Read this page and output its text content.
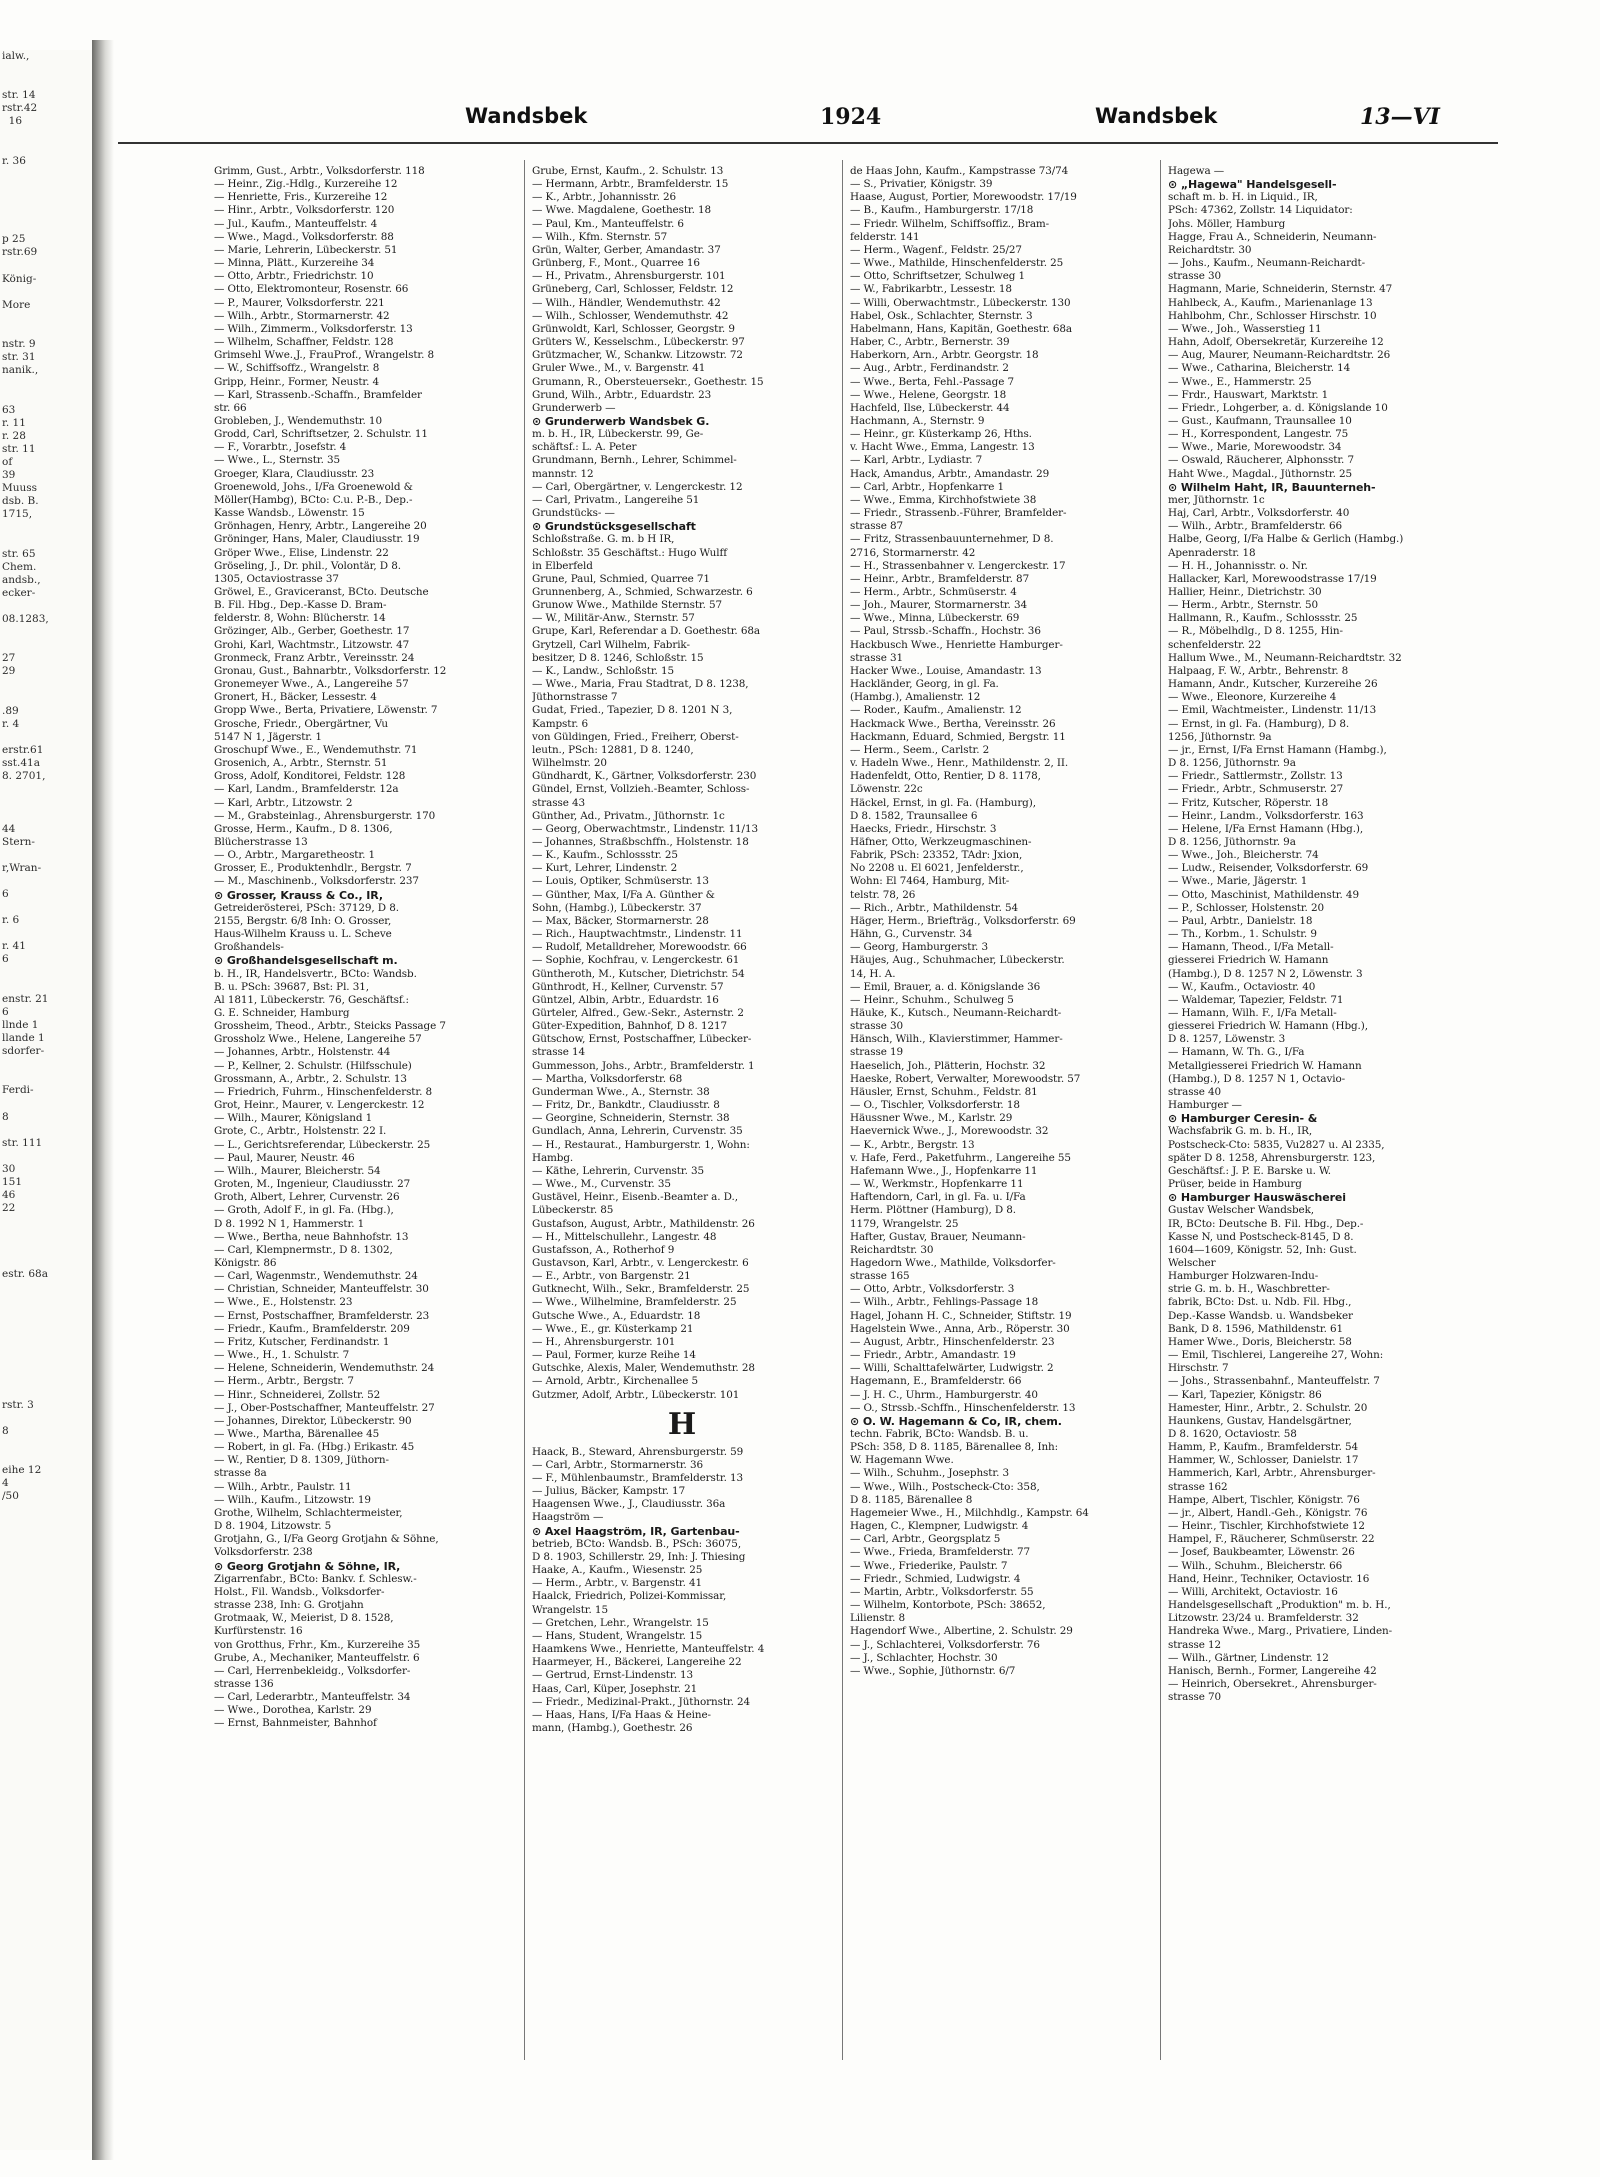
ialw.,

str. 14
rstr.42
16

r. 36

p 25
rstr.69

König-

More

nstr. 9
str. 31
nanik.,

63
r. 11
r. 28
str. 11
of
39
Muuss
dsb. B.
1715,

str. 65
Chem.
andsb.,
ecker-

08.1283,

27
29

.89
r. 4

erstr.61
sst.41a
8. 2701,

44
Stern-

r,Wran-

6

r. 6

r. 41
6

enstr. 21
6
llnde 1
llande 1
sdorfer-

Ferdi-

8

str. 111

30
151
46
22

estr. 68a

rstr. 3

8

eihe 12
4
/50
Wandsbek	1924	Wandsbek	13—VI
Grimm, Gust., Arbtr., Volksdorferstr. 118
— Heinr., Zig.-Hdlg., Kurzereihe 12
— Henriette, Fris., Kurzereihe 12
— Hinr., Arbtr., Volksdorferstr. 120
— Jul., Kaufm., Manteuffelstr. 4
— Wwe., Magd., Volksdorferstr. 88
— Marie, Lehrerin, Lübeckerstr. 51
— Minna, Plätt., Kurzereihe 34
— Otto, Arbtr., Friedrichstr. 10
— Otto, Elektromonteur, Rosenstr. 66
— P., Maurer, Volksdorferstr. 221
— Wilh., Arbtr., Stormarnerstr. 42
— Wilh., Zimmerm., Volksdorferstr. 13
— Wilhelm, Schaffner, Feldstr. 128
Grimsehl Wwe.,J., FrauProf., Wrangelstr. 8
— W., Schiffsoffz., Wrangelstr. 8
Gripp, Heinr., Former, Neustr. 4
— Karl, Strassenb.-Schaffn., Bramfelder
str. 66
Grobleben, J., Wendemuthstr. 10
Grodd, Carl, Schriftsetzer, 2. Schulstr. 11
— F., Vorarbtr., Josefstr. 4
— Wwe., L., Sternstr. 35
Groeger, Klara, Claudiusstr. 23
Groenewold, Johs., I/Fa Groenewold &
Möller(Hambg), BCto: C.u. P.-B., Dep.-
Kasse Wandsb., Löwenstr. 15
Grönhagen, Henry, Arbtr., Langereihe 20
Gröninger, Hans, Maler, Claudiusstr. 19
Gröper Wwe., Elise, Lindenstr. 22
Gröseling, J., Dr. phil., Volontär, D 8.
1305, Octaviostrasse 37
Gröwel, E., Graviceranst, BCto. Deutsche
B. Fil. Hbg., Dep.-Kasse D. Bram-
felderstr. 8, Wohn: Blücherstr. 14
Grözinger, Alb., Gerber, Goethestr. 17
Grohi, Karl, Wachtmstr., Litzowstr. 47
Gronmeck, Franz Arbtr., Vereinsstr. 24
Gronau, Gust., Bahnarbtr., Volksdorferstr. 12
Gronemeyer Wwe., A., Langereihe 57
Gronert, H., Bäcker, Lessestr. 4
Gropp Wwe., Berta, Privatiere, Löwenstr. 7
Grosche, Friedr., Obergärtner, Vu
5147 N 1, Jägerstr. 1
Groschupf Wwe., E., Wendemuthstr. 71
Grosenich, A., Arbtr., Sternstr. 51
Gross, Adolf, Konditorei, Feldstr. 128
— Karl, Landm., Bramfelderstr. 12a
— Karl, Arbtr., Litzowstr. 2
— M., Grabsteinlag., Ahrensburgerstr. 170
Grosse, Herm., Kaufm., D 8. 1306,
Blücherstrasse 13
— O., Arbtr., Margaretheostr. 1
Grosser, E., Produktenhdlr., Bergstr. 7
— M., Maschinenb., Volksdorferstr. 237
⊙ Grosser, Krauss & Co., IR,
Getreiderösterei, PSch: 37129, D 8.
2155, Bergstr. 6/8 Inh: O. Grosser,
Haus-Wilhelm Krauss u. L. Scheve
Großhandels-
⊙ Großhandelsgesellschaft m.
b. H., IR, Handelsvertr., BCto: Wandsb.
B. u. PSch: 39687, Bst: Pl. 31,
Al 1811, Lübeckerstr. 76, Geschäftsf.:
G. E. Schneider, Hamburg
Grossheim, Theod., Arbtr., Steicks Passage 7
Grossholz Wwe., Helene, Langereihe 57
— Johannes, Arbtr., Holstenstr. 44
— P., Kellner, 2. Schulstr. (Hilfsschule)
Grossmann, A., Arbtr., 2. Schulstr. 13
— Friedrich, Fuhrm., Hinschenfelderstr. 8
Grot, Heinr., Maurer, v. Lengerckestr. 12
— Wilh., Maurer, Königsland 1
Grote, C., Arbtr., Holstenstr. 22 I.
— L., Gerichtsreferendar, Lübeckerstr. 25
— Paul, Maurer, Neustr. 46
— Wilh., Maurer, Bleicherstr. 54
Groten, M., Ingenieur, Claudiusstr. 27
Groth, Albert, Lehrer, Curvenstr. 26
— Groth, Adolf F., in gl. Fa. (Hbg.),
D 8. 1992 N 1, Hammerstr. 1
— Wwe., Bertha, neue Bahnhofstr. 13
— Carl, Klempnermstr., D 8. 1302,
Königstr. 86
— Carl, Wagenmstr., Wendemuthstr. 24
— Christian, Schneider, Manteuffelstr. 30
— Wwe., E., Holstenstr. 23
— Ernst, Postschaffner, Bramfelderstr. 23
— Friedr., Kaufm., Bramfelderstr. 209
— Fritz, Kutscher, Ferdinandstr. 1
— Wwe., H., 1. Schulstr. 7
— Helene, Schneiderin, Wendemuthstr. 24
— Herm., Arbtr., Bergstr. 7
— Hinr., Schneiderei, Zollstr. 52
— J., Ober-Postschaffner, Manteuffelstr. 27
— Johannes, Direktor, Lübeckerstr. 90
— Wwe., Martha, Bärenallee 45
— Robert, in gl. Fa. (Hbg.) Erikastr. 45
— W., Rentier, D 8. 1309, Jüthorn-
strasse 8a
— Wilh., Arbtr., Paulstr. 11
— Wilh., Kaufm., Litzowstr. 19
Grothe, Wilhelm, Schlachtermeister,
D 8. 1904, Litzowstr. 5
Grotjahn, G., I/Fa Georg Grotjahn & Söhne,
Volksdorferstr. 238
⊙ Georg Grotjahn & Söhne, IR,
Zigarrenfabr., BCto: Bankv. f. Schlesw.-
Holst., Fil. Wandsb., Volksdorfer-
strasse 238, Inh: G. Grotjahn
Grotmaak, W., Meierist, D 8. 1528,
Kurfürstenstr. 16
von Grotthus, Frhr., Km., Kurzereihe 35
Grube, A., Mechaniker, Manteuffelstr. 6
— Carl, Herrenbekleidg., Volksdorfer-
strasse 136
— Carl, Lederarbtr., Manteuffelstr. 34
— Wwe., Dorothea, Karlstr. 29
— Ernst, Bahnmeister, Bahnhof
Grube, Ernst, Kaufm., 2. Schulstr. 13
— Hermann, Arbtr., Bramfelderstr. 15
— K., Arbtr., Johannisstr. 26
— Wwe. Magdalene, Goethestr. 18
— Paul, Km., Manteuffelstr. 6
— Wilh., Kfm. Sternstr. 57
Grün, Walter, Gerber, Amandastr. 37
Grünberg, F., Mont., Quarree 16
— H., Privatm., Ahrensburgerstr. 101
Grüneberg, Carl, Schlosser, Feldstr. 12
— Wilh., Händler, Wendemuthstr. 42
— Wilh., Schlosser, Wendemuthstr. 42
Grünwoldt, Karl, Schlosser, Georgstr. 9
Grüters W., Kesselschm., Lübeckerstr. 97
Grützmacher, W., Schankw. Litzowstr. 72
Gruler Wwe., M., v. Bargenstr. 41
Grumann, R., Obersteuersekr., Goethestr. 15
Grund, Wilh., Arbtr., Eduardstr. 23
Grunderwerb —
⊙ Grunderwerb Wandsbek G.
m. b. H., IR, Lübeckerstr. 99, Ge-
schäftsf.: L. A. Peter
Grundmann, Bernh., Lehrer, Schimmel-
mannstr. 12
— Carl, Obergärtner, v. Lengerckestr. 12
— Carl, Privatm., Langereihe 51
Grundstücks- —
⊙ Grundstücksgesellschaft
Schloßstraße. G. m. b H IR,
Schloßstr. 35 Geschäftst.: Hugo Wulff
in Elberfeld
Grune, Paul, Schmied, Quarree 71
Grunnenberg, A., Schmied, Schwarzestr. 6
Grunow Wwe., Mathilde Sternstr. 57
— W., Militär-Anw., Sternstr. 57
Grupe, Karl, Referendar a D. Goethestr. 68a
Grytzell, Carl Wilhelm, Fabrik-
besitzer, D 8. 1246, Schloßstr. 15
— K., Landw., Schloßstr. 15
— Wwe., Maria, Frau Stadtrat, D 8. 1238,
Jüthornstrasse 7
Gudat, Fried., Tapezier, D 8. 1201 N 3,
Kampstr. 6
von Güldingen, Fried., Freiherr, Oberst-
leutn., PSch: 12881, D 8. 1240,
Wilhelmstr. 20
Gündhardt, K., Gärtner, Volksdorferstr. 230
Gündel, Ernst, Vollzieh.-Beamter, Schloss-
strasse 43
Günther, Ad., Privatm., Jüthornstr. 1c
— Georg, Oberwachtmstr., Lindenstr. 11/13
— Johannes, Straßbschffn., Holstenstr. 18
— K., Kaufm., Schlossstr. 25
— Kurt, Lehrer, Lindenstr. 2
— Louis, Optiker, Schmüserstr. 13
— Günther, Max, I/Fa A. Günther &
Sohn, (Hambg.), Lübeckerstr. 37
— Max, Bäcker, Stormarnerstr. 28
— Rich., Hauptwachtmstr., Lindenstr. 11
— Rudolf, Metalldreher, Morewoodstr. 66
— Sophie, Kochfrau, v. Lengerckestr. 61
Güntheroth, M., Kutscher, Dietrichstr. 54
Günthrodt, H., Kellner, Curvenstr. 57
Güntzel, Albin, Arbtr., Eduardstr. 16
Gürteler, Alfred., Gew.-Sekr., Asternstr. 2
Güter-Expedition, Bahnhof, D 8. 1217
Gütschow, Ernst, Postschaffner, Lübecker-
strasse 14
Gummesson, Johs., Arbtr., Bramfelderstr. 1
— Martha, Volksdorferstr. 68
Gunderman Wwe., A., Sternstr. 38
— Fritz, Dr., Bankdtr., Claudiusstr. 8
— Georgine, Schneiderin, Sternstr. 38
Gundlach, Anna, Lehrerin, Curvenstr. 35
— H., Restaurat., Hamburgerstr. 1, Wohn:
Hambg.
— Käthe, Lehrerin, Curvenstr. 35
— Wwe., M., Curvenstr. 35
Gustävel, Heinr., Eisenb.-Beamter a. D.,
Lübeckerstr. 85
Gustafson, August, Arbtr., Mathildenstr. 26
— H., Mittelschullehr., Langestr. 48
Gustafsson, A., Rotherhof 9
Gustavson, Karl, Arbtr., v. Lengerckestr. 6
— E., Arbtr., von Bargenstr. 21
Gutknecht, Wilh., Sekr., Bramfelderstr. 25
— Wwe., Wilhelmine, Bramfelderstr. 25
Gutsche Wwe., A., Eduardstr. 18
— Wwe., E., gr. Küsterkamp 21
— H., Ahrensburgerstr. 101
— Paul, Former, kurze Reihe 14
Gutschke, Alexis, Maler, Wendemuthstr. 28
— Arnold, Arbtr., Kirchenallee 5
Gutzmer, Adolf, Arbtr., Lübeckerstr. 101
H
Haack, B., Steward, Ahrensburgerstr. 59
— Carl, Arbtr., Stormarnerstr. 36
— F., Mühlenbaumstr., Bramfelderstr. 13
— Julius, Bäcker, Kampstr. 17
Haagensen Wwe., J., Claudiusstr. 36a
Haagström —
⊙ Axel Haagström, IR, Gartenbau-
betrieb, BCto: Wandsb. B., PSch: 36075,
D 8. 1903, Schillerstr. 29, Inh: J. Thiesing
Haake, A., Kaufm., Wiesenstr. 25
— Herm., Arbtr., v. Bargenstr. 41
Haalck, Friedrich, Polizei-Kommissar,
Wrangelstr. 15
— Gretchen, Lehr., Wrangelstr. 15
— Hans, Student, Wrangelstr. 15
Haamkens Wwe., Henriette, Manteuffelstr. 4
Haarmeyer, H., Bäckerei, Langereihe 22
— Gertrud, Ernst-Lindenstr. 13
Haas, Carl, Küper, Josephstr. 21
— Friedr., Medizinal-Prakt., Jüthornstr. 24
— Haas, Hans, I/Fa Haas & Heine-
mann, (Hambg.), Goethestr. 26
de Haas John, Kaufm., Kampstrasse 73/74
— S., Privatier, Königstr. 39
Haase, August, Portier, Morewoodstr. 17/19
— B., Kaufm., Hamburgerstr. 17/18
— Friedr. Wilhelm, Schiffsoffiz., Bram-
felderstr. 141
— Herm., Wagenf., Feldstr. 25/27
— Wwe., Mathilde, Hinschenfelderstr. 25
— Otto, Schriftsetzer, Schulweg 1
— W., Fabrikarbtr., Lessestr. 18
— Willi, Oberwachtmstr., Lübeckerstr. 130
Habel, Osk., Schlachter, Sternstr. 3
Habelmann, Hans, Kapitän, Goethestr. 68a
Haber, C., Arbtr., Bernerstr. 39
Haberkorn, Arn., Arbtr. Georgstr. 18
— Aug., Arbtr., Ferdinandstr. 2
— Wwe., Berta, Fehl.-Passage 7
— Wwe., Helene, Georgstr. 18
Hachfeld, Ilse, Lübeckerstr. 44
Hachmann, A., Sternstr. 9
— Heinr., gr. Küsterkamp 26, Hths.
v. Hacht Wwe., Emma, Langestr. 13
— Karl, Arbtr., Lydiastr. 7
Hack, Amandus, Arbtr., Amandastr. 29
— Carl, Arbtr., Hopfenkarre 1
— Wwe., Emma, Kirchhofstwiete 38
— Friedr., Strassenb.-Führer, Bramfelder-
strasse 87
— Fritz, Strassenbauunternehmer, D 8.
2716, Stormarnerstr. 42
— H., Strassenbahner v. Lengerckestr. 17
— Heinr., Arbtr., Bramfelderstr. 87
— Herm., Arbtr., Schmüserstr. 4
— Joh., Maurer, Stormarnerstr. 34
— Wwe., Minna, Lübeckerstr. 69
— Paul, Strssb.-Schaffn., Hochstr. 36
Hackbusch Wwe., Henriette Hamburger-
strasse 31
Hacker Wwe., Louise, Amandastr. 13
Hackländer, Georg, in gl. Fa.
(Hambg.), Amalienstr. 12
— Roder., Kaufm., Amalienstr. 12
Hackmack Wwe., Bertha, Vereinsstr. 26
Hackmann, Eduard, Schmied, Bergstr. 11
— Herm., Seem., Carlstr. 2
v. Hadeln Wwe., Henr., Mathildenstr. 2, II.
Hadenfeldt, Otto, Rentier, D 8. 1178,
Löwenstr. 22c
Häckel, Ernst, in gl. Fa. (Hamburg),
D 8. 1582, Traunsallee 6
Haecks, Friedr., Hirschstr. 3
Häfner, Otto, Werkzeugmaschinen-
Fabrik, PSch: 23352, TAdr: Jxion,
No 2208 u. El 6021, Jenfelderstr.,
Wohn: El 7464, Hamburg, Mit-
telstr. 78, 26
— Rich., Arbtr., Mathildenstr. 54
Häger, Herm., Briefträg., Volksdorferstr. 69
Hähn, G., Curvenstr. 34
— Georg, Hamburgerstr. 3
Häujes, Aug., Schuhmacher, Lübeckerstr.
14, H. A.
— Emil, Brauer, a. d. Königslande 36
— Heinr., Schuhm., Schulweg 5
Häuke, K., Kutsch., Neumann-Reichardt-
strasse 30
Hänsch, Wilh., Klavierstimmer, Hammer-
strasse 19
Haeselich, Joh., Plätterin, Hochstr. 32
Haeske, Robert, Verwalter, Morewoodstr. 57
Häusler, Ernst, Schuhm., Feldstr. 81
— O., Tischler, Volksdorferstr. 18
Häussner Wwe., M., Karlstr. 29
Haevernick Wwe., J., Morewoodstr. 32
— K., Arbtr., Bergstr. 13
v. Hafe, Ferd., Paketfuhrm., Langereihe 55
Hafemann Wwe., J., Hopfenkarre 11
— W., Werkmstr., Hopfenkarre 11
Haftendorn, Carl, in gl. Fa. u. I/Fa
Herm. Plöttner (Hamburg), D 8.
1179, Wrangelstr. 25
Hafter, Gustav, Brauer, Neumann-
Reichardtstr. 30
Hagedorn Wwe., Mathilde, Volksdorfer-
strasse 165
— Otto, Arbtr., Volksdorferstr. 3
— Wilh., Arbtr., Fehlings-Passage 18
Hagel, Johann H. C., Schneider, Stiftstr. 19
Hagelstein Wwe., Anna, Arb., Röperstr. 30
— August, Arbtr., Hinschenfelderstr. 23
— Friedr., Arbtr., Amandastr. 19
— Willi, Schalttafelwärter, Ludwigstr. 2
Hagemann, E., Bramfelderstr. 66
— J. H. C., Uhrm., Hamburgerstr. 40
— O., Strssb.-Schffn., Hinschenfelderstr. 13
⊙ O. W. Hagemann & Co, IR, chem.
techn. Fabrik, BCto: Wandsb. B. u.
PSch: 358, D 8. 1185, Bärenallee 8, Inh:
W. Hagemann Wwe.
— Wilh., Schuhm., Josephstr. 3
— Wwe., Wilh., Postscheck-Cto: 358,
D 8. 1185, Bärenallee 8
Hagemeier Wwe., H., Milchhdlg., Kampstr. 64
Hagen, C., Klempner, Ludwigstr. 4
— Carl, Arbtr., Georgsplatz 5
— Wwe., Frieda, Bramfelderstr. 77
— Wwe., Friederike, Paulstr. 7
— Friedr., Schmied, Ludwigstr. 4
— Martin, Arbtr., Volksdorferstr. 55
— Wilhelm, Kontorbote, PSch: 38652,
Lilienstr. 8
Hagendorf Wwe., Albertine, 2. Schulstr. 29
— J., Schlachterei, Volksdorferstr. 76
— J., Schlachter, Hochstr. 30
— Wwe., Sophie, Jüthornstr. 6/7
Hagewa —
⊙ „Hagewa" Handelsgesell-
schaft m. b. H. in Liquid., IR,
PSch: 47362, Zollstr. 14 Liquidator:
Johs. Möller, Hamburg
Hagge, Frau A., Schneiderin, Neumann-
Reichardtstr. 30
— Johs., Kaufm., Neumann-Reichardt-
strasse 30
Hagmann, Marie, Schneiderin, Sternstr. 47
Hahlbeck, A., Kaufm., Marienanlage 13
Hahlbohm, Chr., Schlosser Hirschstr. 10
— Wwe., Joh., Wasserstieg 11
Hahn, Adolf, Obersekretär, Kurzereihe 12
— Aug, Maurer, Neumann-Reichardtstr. 26
— Wwe., Catharina, Bleicherstr. 14
— Wwe., E., Hammerstr. 25
— Frdr., Hauswart, Marktstr. 1
— Friedr., Lohgerber, a. d. Königslande 10
— Gust., Kaufmann, Traunsallee 10
— H., Korrespondent, Langestr. 75
— Wwe., Marie, Morewoodstr. 34
— Oswald, Räucherer, Alphonsstr. 7
Haht Wwe., Magdal., Jüthornstr. 25
⊙ Wilhelm Haht, IR, Bauunterneh-
mer, Jüthornstr. 1c
Haj, Carl, Arbtr., Volksdorferstr. 40
— Wilh., Arbtr., Bramfelderstr. 66
Halbe, Georg, I/Fa Halbe & Gerlich (Hambg.)
Apenraderstr. 18
— H. H., Johannisstr. o. Nr.
Hallacker, Karl, Morewoodstrasse 17/19
Hallier, Heinr., Dietrichstr. 30
— Herm., Arbtr., Sternstr. 50
Hallmann, R., Kaufm., Schlossstr. 25
— R., Möbelhdlg., D 8. 1255, Hin-
schenfelderstr. 22
Hallum Wwe., M., Neumann-Reichardtstr. 32
Halpaag, F. W., Arbtr., Behrenstr. 8
Hamann, Andr., Kutscher, Kurzereihe 26
— Wwe., Eleonore, Kurzereihe 4
— Emil, Wachtmeister., Lindenstr. 11/13
— Ernst, in gl. Fa. (Hamburg), D 8.
1256, Jüthornstr. 9a
— jr., Ernst, I/Fa Ernst Hamann (Hambg.),
D 8. 1256, Jüthornstr. 9a
— Friedr., Sattlermstr., Zollstr. 13
— Friedr., Arbtr., Schmuserstr. 27
— Fritz, Kutscher, Röperstr. 18
— Heinr., Landm., Volksdorferstr. 163
— Helene, I/Fa Ernst Hamann (Hbg.),
D 8. 1256, Jüthornstr. 9a
— Wwe., Joh., Bleicherstr. 74
— Ludw., Reisender, Volksdorferstr. 69
— Wwe., Marie, Jägerstr. 1
— Otto, Maschinist, Mathildenstr. 49
— P., Schlosser, Holstenstr. 20
— Paul, Arbtr., Danielstr. 18
— Th., Korbm., 1. Schulstr. 9
— Hamann, Theod., I/Fa Metall-
giesserei Friedrich W. Hamann
(Hambg.), D 8. 1257 N 2, Löwenstr. 3
— W., Kaufm., Octaviostr. 40
— Waldemar, Tapezier, Feldstr. 71
— Hamann, Wilh. F., I/Fa Metall-
giesserei Friedrich W. Hamann (Hbg.),
D 8. 1257, Löwenstr. 3
— Hamann, W. Th. G., I/Fa
Metallgiesserei Friedrich W. Hamann
(Hambg.), D 8. 1257 N 1, Octavio-
strasse 40
Hamburger —
⊙ Hamburger Ceresin- &
Wachsfabrik G. m. b. H., IR,
Postscheck-Cto: 5835, Vu2827 u. Al 2335,
später D 8. 1258, Ahrensburgerstr. 123,
Geschäftsf.: J. P. E. Barske u. W.
Prüser, beide in Hamburg
⊙ Hamburger Hauswäscherei
Gustav Welscher Wandsbek,
IR, BCto: Deutsche B. Fil. Hbg., Dep.-
Kasse N, und Postscheck-8145, D 8.
1604—1609, Königstr. 52, Inh: Gust.
Welscher
Hamburger Holzwaren-Indu-
strie G. m. b. H., Waschbretter-
fabrik, BCto: Dst. u. Ndb. Fil. Hbg.,
Dep.-Kasse Wandsb. u. Wandsbeker
Bank, D 8. 1596, Mathildenstr. 61
Hamer Wwe., Doris, Bleicherstr. 58
— Emil, Tischlerei, Langereihe 27, Wohn:
Hirschstr. 7
— Johs., Strassenbahnf., Manteuffelstr. 7
— Karl, Tapezier, Königstr. 86
Hamester, Hinr., Arbtr., 2. Schulstr. 20
Haunkens, Gustav, Handelsgärtner,
D 8. 1620, Octaviostr. 58
Hamm, P., Kaufm., Bramfelderstr. 54
Hammer, W., Schlosser, Danielstr. 17
Hammerich, Karl, Arbtr., Ahrensburger-
strasse 162
Hampe, Albert, Tischler, Königstr. 76
— jr., Albert, Handl.-Geh., Königstr. 76
— Heinr., Tischler, Kirchhofstwiete 12
Hampel, F., Räucherer, Schmüserstr. 22
— Josef, Baukbeamter, Löwenstr. 26
— Wilh., Schuhm., Bleicherstr. 66
Hand, Heinr., Techniker, Octaviostr. 16
— Willi, Architekt, Octaviostr. 16
Handelsgesellschaft „Produktion" m. b. H.,
Litzowstr. 23/24 u. Bramfelderstr. 32
Handreka Wwe., Marg., Privatiere, Linden-
strasse 12
— Wilh., Gärtner, Lindenstr. 12
Hanisch, Bernh., Former, Langereihe 42
— Heinrich, Obersekret., Ahrensburger-
strasse 70
